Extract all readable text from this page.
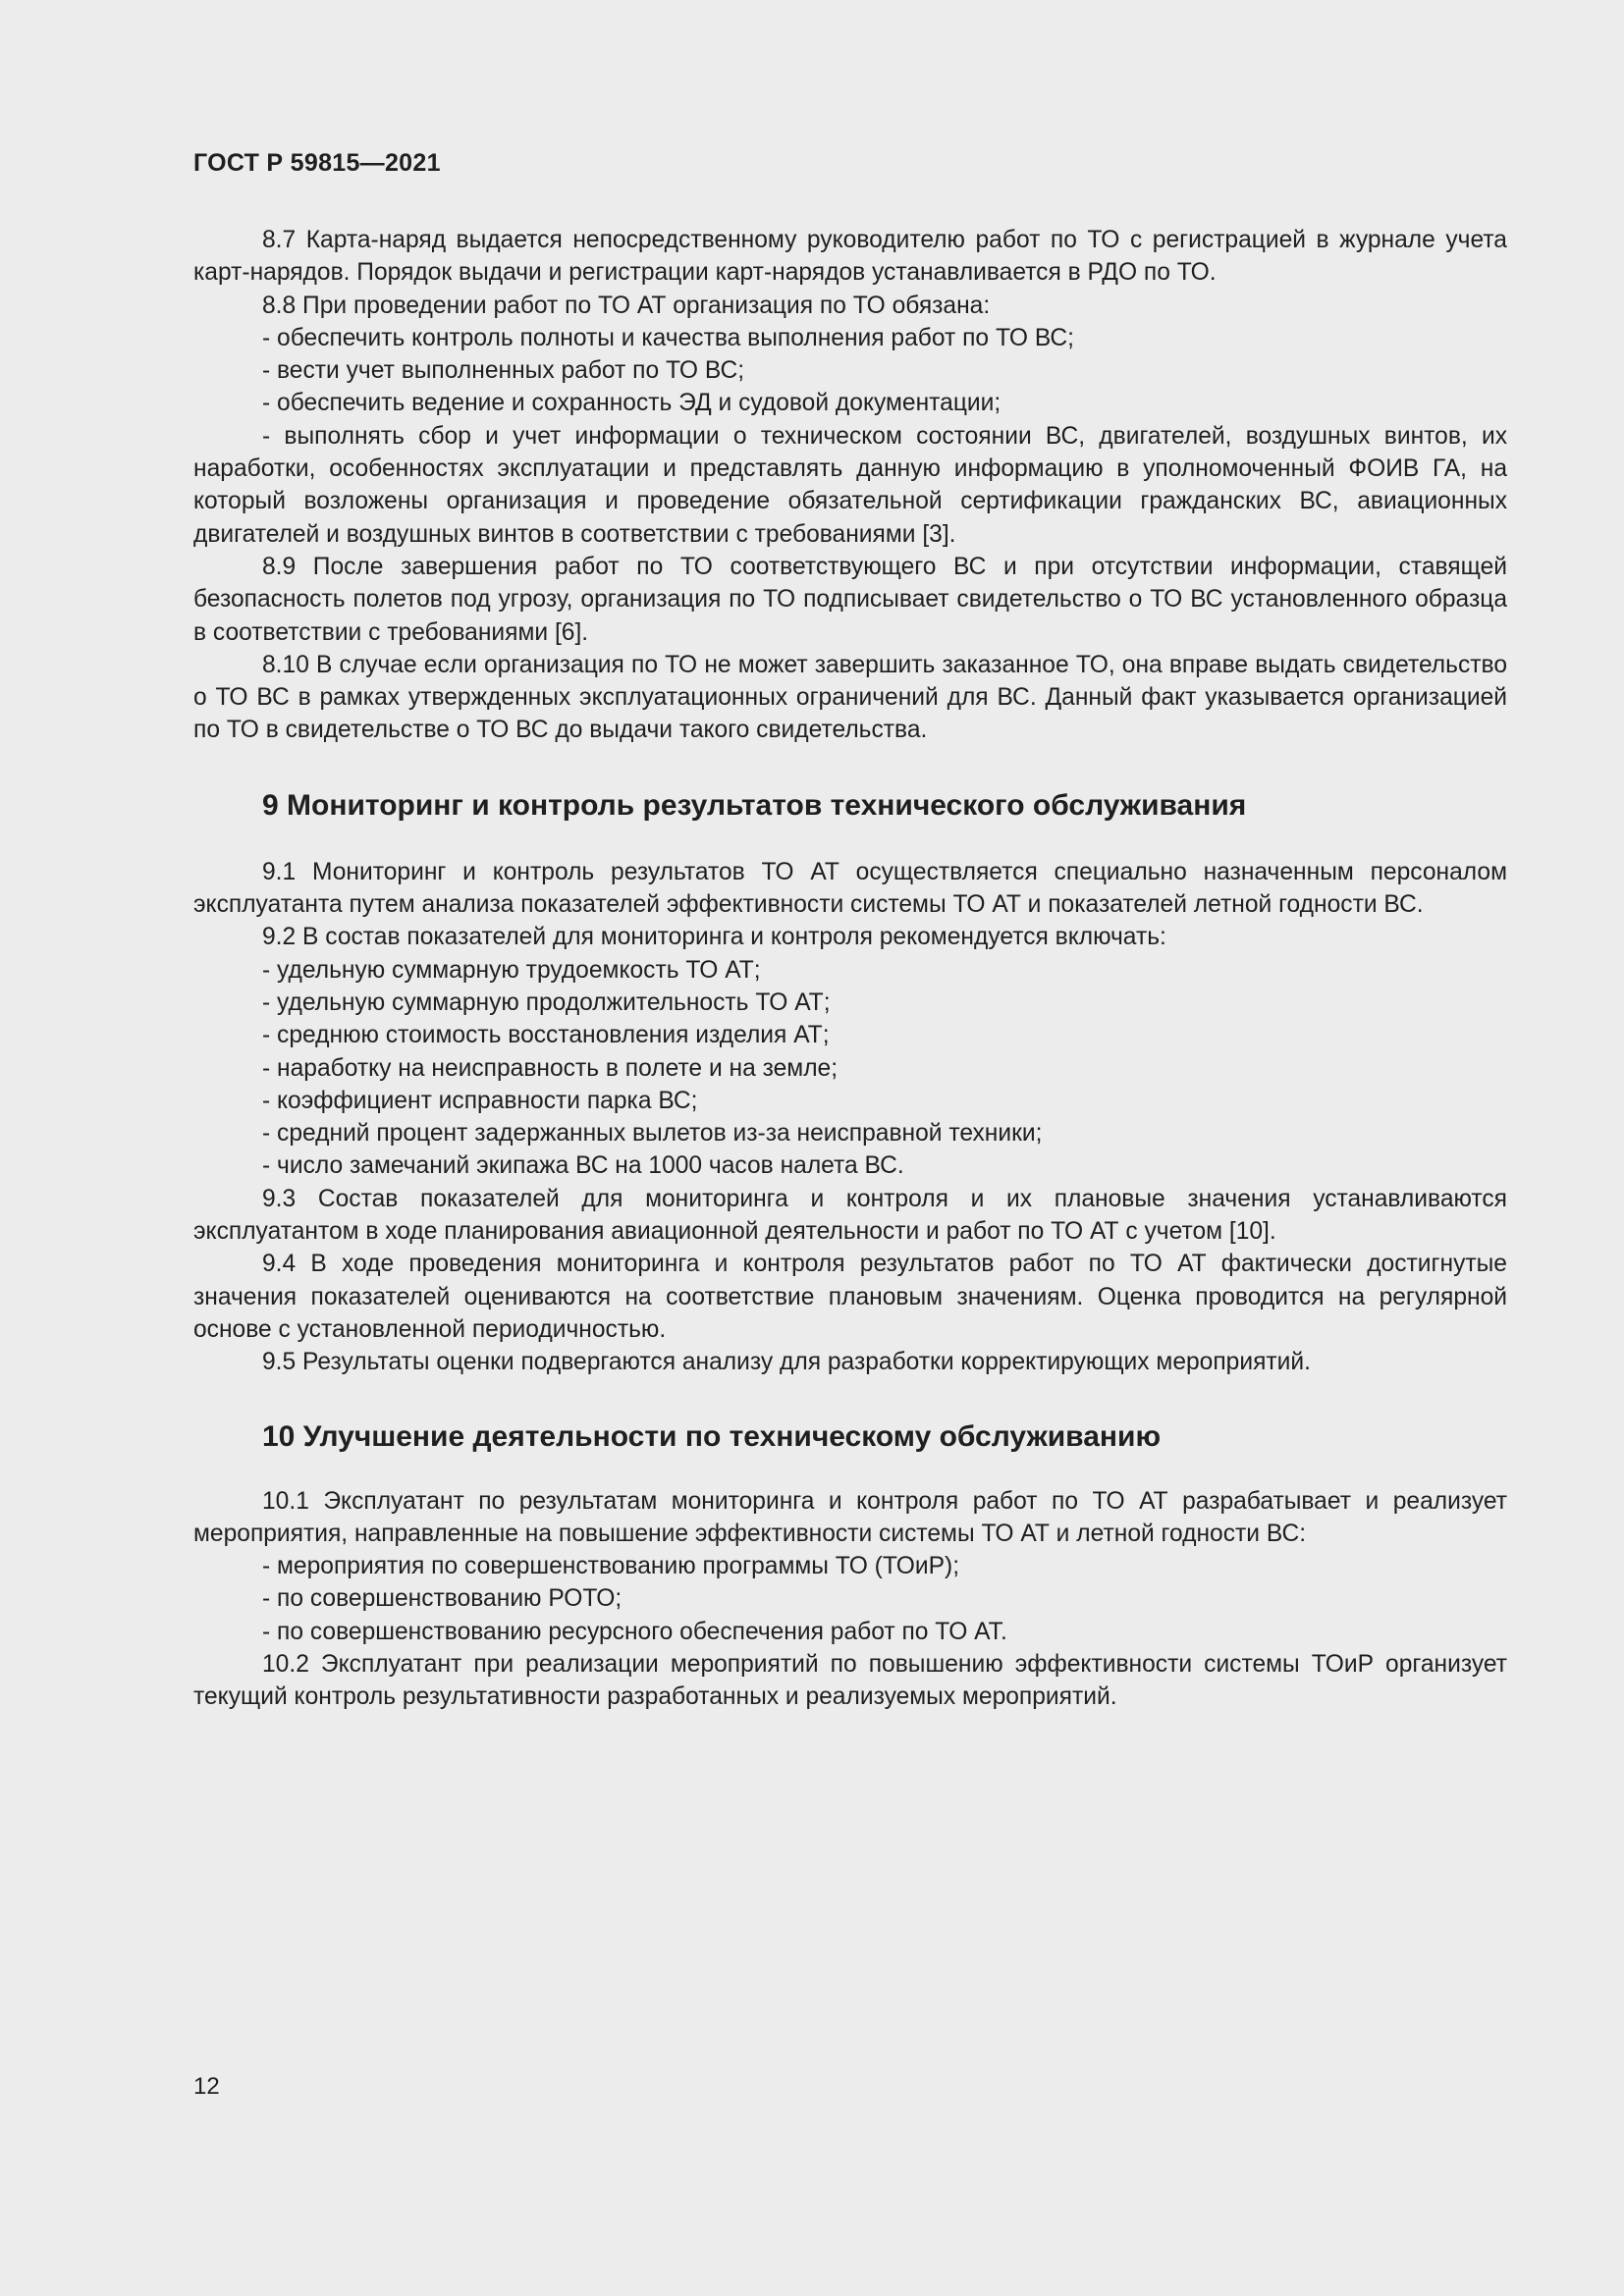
ГОСТ Р 59815—2021

8.7 Карта-наряд выдается непосредственному руководителю работ по ТО с регистрацией в журнале учета карт-нарядов. Порядок выдачи и регистрации карт-нарядов устанавливается в РДО по ТО.

8.8 При проведении работ по ТО АТ организация по ТО обязана:

- обеспечить контроль полноты и качества выполнения работ по ТО ВС;

- вести учет выполненных работ по ТО ВС;

- обеспечить ведение и сохранность ЭД и судовой документации;

- выполнять сбор и учет информации о техническом состоянии ВС, двигателей, воздушных винтов, их наработки, особенностях эксплуатации и представлять данную информацию в уполномоченный ФОИВ ГА, на который возложены организация и проведение обязательной сертификации гражданских ВС, авиационных двигателей и воздушных винтов в соответствии с требованиями [3].

8.9 После завершения работ по ТО соответствующего ВС и при отсутствии информации, ставящей безопасность полетов под угрозу, организация по ТО подписывает свидетельство о ТО ВС установленного образца в соответствии с требованиями [6].

8.10 В случае если организация по ТО не может завершить заказанное ТО, она вправе выдать свидетельство о ТО ВС в рамках утвержденных эксплуатационных ограничений для ВС. Данный факт указывается организацией по ТО в свидетельстве о ТО ВС до выдачи такого свидетельства.

9 Мониторинг и контроль результатов технического обслуживания

9.1 Мониторинг и контроль результатов ТО АТ осуществляется специально назначенным персоналом эксплуатанта путем анализа показателей эффективности системы ТО АТ и показателей летной годности ВС.

9.2 В состав показателей для мониторинга и контроля рекомендуется включать:

- удельную суммарную трудоемкость ТО АТ;

- удельную суммарную продолжительность ТО АТ;

- среднюю стоимость восстановления изделия АТ;

- наработку на неисправность в полете и на земле;

- коэффициент исправности парка ВС;

- средний процент задержанных вылетов из-за неисправной техники;

- число замечаний экипажа ВС на 1000 часов налета ВС.

9.3 Состав показателей для мониторинга и контроля и их плановые значения устанавливаются эксплуатантом в ходе планирования авиационной деятельности и работ по ТО АТ с учетом [10].

9.4 В ходе проведения мониторинга и контроля результатов работ по ТО АТ фактически достигнутые значения показателей оцениваются на соответствие плановым значениям. Оценка проводится на регулярной основе с установленной периодичностью.

9.5 Результаты оценки подвергаются анализу для разработки корректирующих мероприятий.

10 Улучшение деятельности по техническому обслуживанию

10.1 Эксплуатант по результатам мониторинга и контроля работ по ТО АТ разрабатывает и реализует мероприятия, направленные на повышение эффективности системы ТО АТ и летной годности ВС:

- мероприятия по совершенствованию программы ТО (ТОиР);

- по совершенствованию РОТО;

- по совершенствованию ресурсного обеспечения работ по ТО АТ.

10.2 Эксплуатант при реализации мероприятий по повышению эффективности системы ТОиР организует текущий контроль результативности разработанных и реализуемых мероприятий.

12
